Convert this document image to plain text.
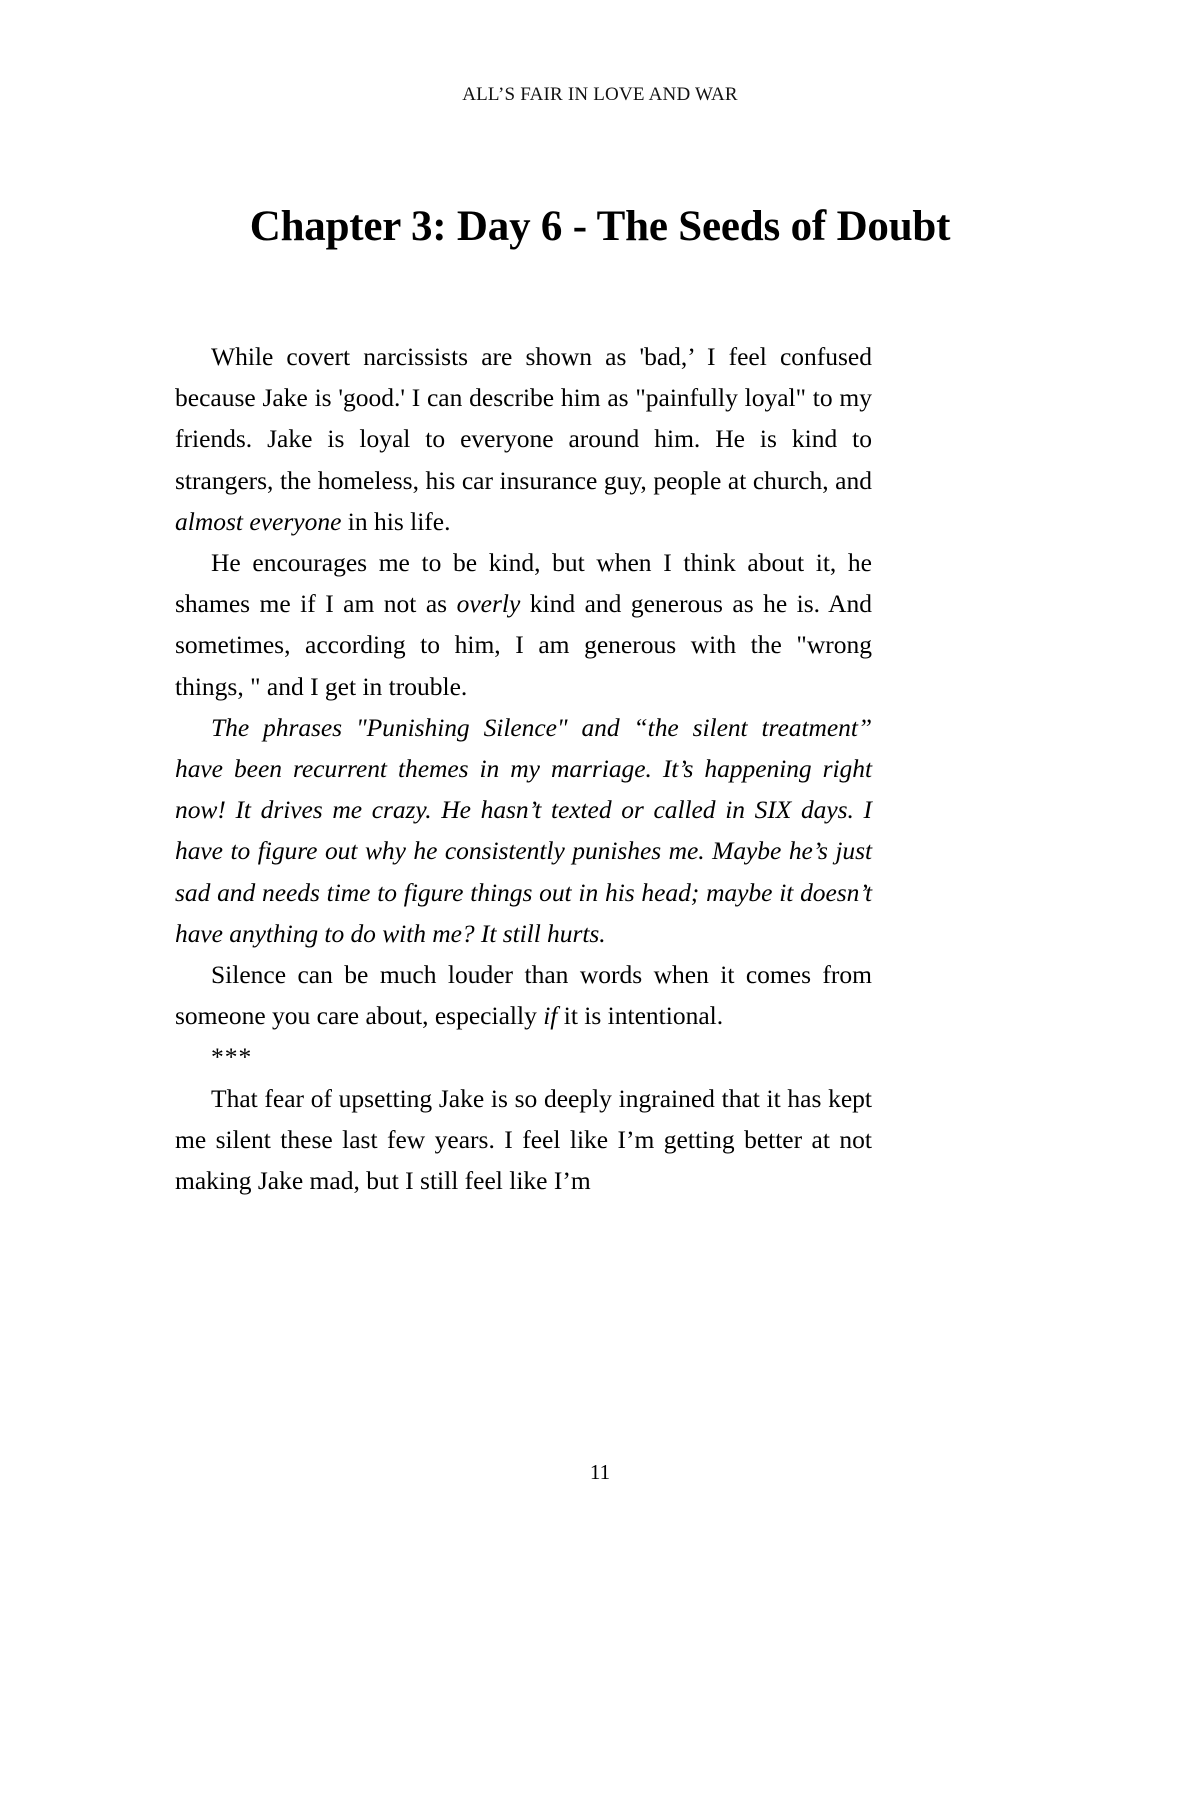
ALL’S FAIR IN LOVE AND WAR
Chapter 3: Day 6 - The Seeds of Doubt

While covert narcissists are shown as 'bad,’ I feel confused because Jake is 'good.' I can describe him as "painfully loyal" to my friends. Jake is loyal to everyone around him. He is kind to strangers, the homeless, his car insurance guy, people at church, and almost everyone in his life.

He encourages me to be kind, but when I think about it, he shames me if I am not as overly kind and generous as he is. And sometimes, according to him, I am generous with the "wrong things, " and I get in trouble.

The phrases "Punishing Silence" and “the silent treatment” have been recurrent themes in my marriage. It’s happening right now! It drives me crazy. He hasn’t texted or called in SIX days. I have to figure out why he consistently punishes me. Maybe he’s just sad and needs time to figure things out in his head; maybe it doesn’t have anything to do with me? It still hurts.

Silence can be much louder than words when it comes from someone you care about, especially if it is intentional.

***

That fear of upsetting Jake is so deeply ingrained that it has kept me silent these last few years. I feel like I’m getting better at not making Jake mad, but I still feel like I’m

11
